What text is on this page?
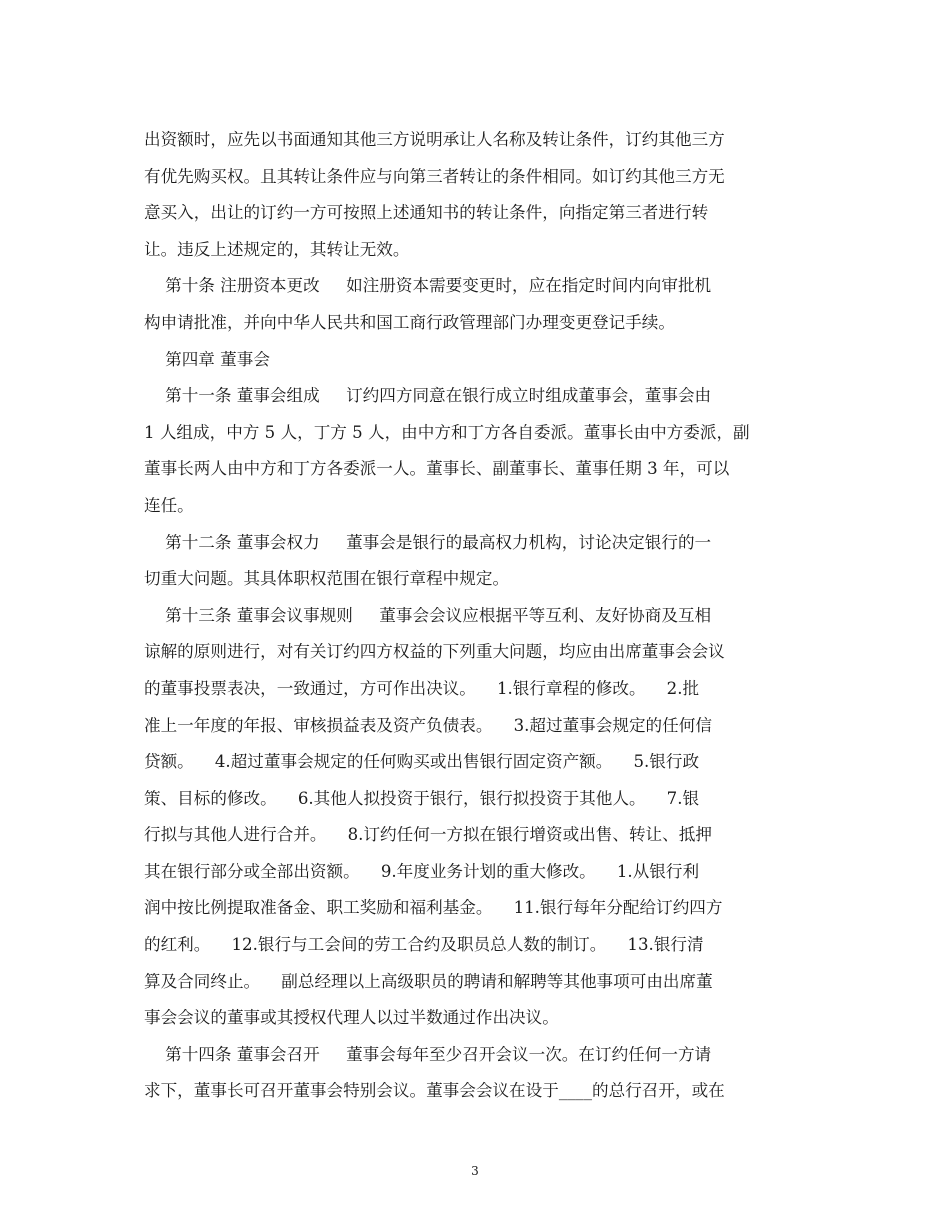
出资额时，应先以书面通知其他三方说明承让人名称及转让条件，订约其他三方
有优先购买权。且其转让条件应与向第三者转让的条件相同。如订约其他三方无
意买入，出让的订约一方可按照上述通知书的转让条件，向指定第三者进行转
让。违反上述规定的，其转让无效。
第十条 注册资本更改     如注册资本需要变更时，应在指定时间内向审批机
构申请批准，并向中华人民共和国工商行政管理部门办理变更登记手续。
第四章 董事会
第十一条 董事会组成     订约四方同意在银行成立时组成董事会，董事会由
1 人组成，中方 5 人，丁方 5 人，由中方和丁方各自委派。董事长由中方委派，副
董事长两人由中方和丁方各委派一人。董事长、副董事长、董事任期 3 年，可以
连任。
第十二条 董事会权力     董事会是银行的最高权力机构，讨论决定银行的一
切重大问题。其具体职权范围在银行章程中规定。
第十三条 董事会议事规则     董事会会议应根据平等互利、友好协商及互相
谅解的原则进行，对有关订约四方权益的下列重大问题，均应由出席董事会会议
的董事投票表决，一致通过，方可作出决议。    1.银行章程的修改。    2.批
准上一年度的年报、审核损益表及资产负债表。    3.超过董事会规定的任何信
贷额。    4.超过董事会规定的任何购买或出售银行固定资产额。    5.银行政
策、目标的修改。    6.其他人拟投资于银行，银行拟投资于其他人。    7.银
行拟与其他人进行合并。    8.订约任何一方拟在银行增资或出售、转让、抵押
其在银行部分或全部出资额。    9.年度业务计划的重大修改。    1.从银行利
润中按比例提取准备金、职工奖励和福利基金。    11.银行每年分配给订约四方
的红利。    12.银行与工会间的劳工合约及职员总人数的制订。    13.银行清
算及合同终止。    副总经理以上高级职员的聘请和解聘等其他事项可由出席董
事会会议的董事或其授权代理人以过半数通过作出决议。
第十四条 董事会召开     董事会每年至少召开会议一次。在订约任何一方请
求下，董事长可召开董事会特别会议。董事会会议在设于____的总行召开，或在
3
